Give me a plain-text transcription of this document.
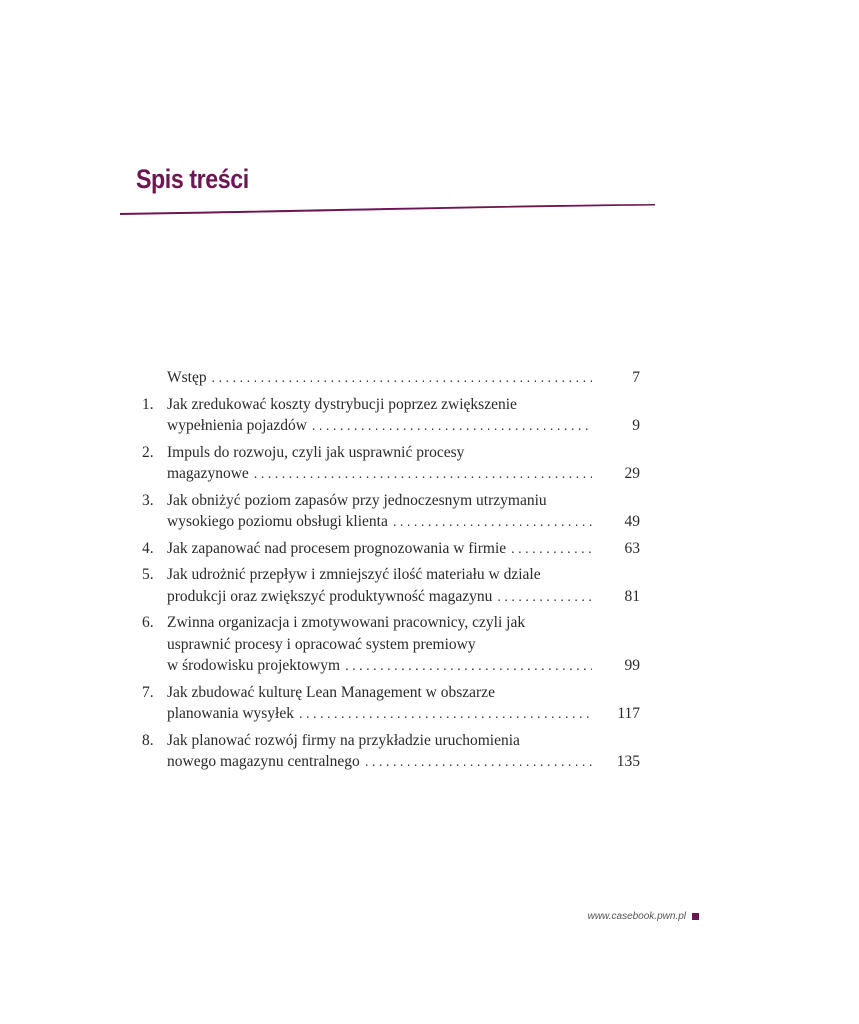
Spis treści
Wstęp . . .	7
1. Jak zredukować koszty dystrybucji poprzez zwiększenie
wypełnienia pojazdów . . .	9
2. Impuls do rozwoju, czyli jak usprawnić procesy
magazynowe . . .	29
3. Jak obniżyć poziom zapasów przy jednoczesnym utrzymaniu
wysokiego poziomu obsługi klienta . . .	49
4. Jak zapanować nad procesem prognozowania w firmie . . .	63
5. Jak udrożnić przepływ i zmniejszyć ilość materiału w dziale
produkcji oraz zwiększyć produktywność magazynu . . .	81
6. Zwinna organizacja i zmotywowani pracownicy, czyli jak
usprawnić procesy i opracować system premiowy
w środowisku projektowym . . .	99
7. Jak zbudować kulturę Lean Management w obszarze
planowania wysyłek . . .	117
8. Jak planować rozwój firmy na przykładzie uruchomienia
nowego magazynu centralnego . . .	135
www.casebook.pwn.pl
